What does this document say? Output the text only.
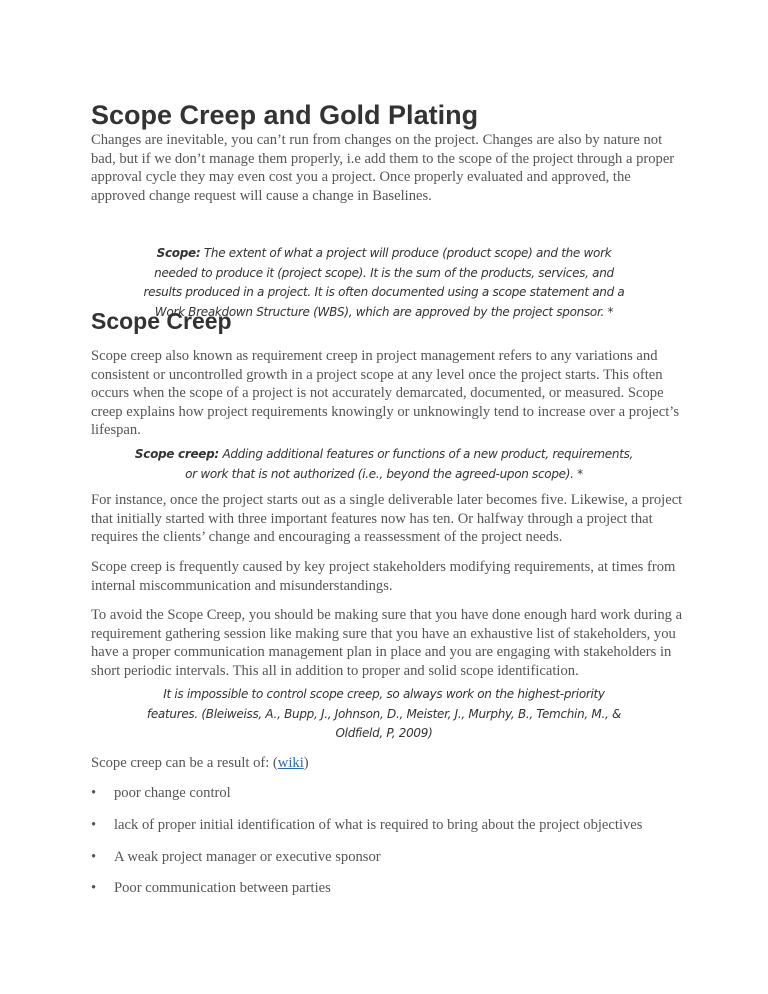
Scope Creep and Gold Plating
Changes are inevitable, you can’t run from changes on the project. Changes are also by nature not
bad, but if we don’t manage them properly, i.e add them to the scope of the project through a proper
approval cycle they may even cost you a project. Once properly evaluated and approved, the
approved change request will cause a change in Baselines.
Scope: The extent of what a project will produce (product scope) and the work
needed to produce it (project scope). It is the sum of the products, services, and
results produced in a project. It is often documented using a scope statement and a
Work Breakdown Structure (WBS), which are approved by the project sponsor. *
Scope Creep
Scope creep also known as requirement creep in project management refers to any variations and
consistent or uncontrolled growth in a project scope at any level once the project starts. This often
occurs when the scope of a project is not accurately demarcated, documented, or measured. Scope
creep explains how project requirements knowingly or unknowingly tend to increase over a project’s
lifespan.
Scope creep: Adding additional features or functions of a new product, requirements,
or work that is not authorized (i.e., beyond the agreed-upon scope). *
For instance, once the project starts out as a single deliverable later becomes five. Likewise, a project
that initially started with three important features now has ten. Or halfway through a project that
requires the clients’ change and encouraging a reassessment of the project needs.
Scope creep is frequently caused by key project stakeholders modifying requirements, at times from
internal miscommunication and misunderstandings.
To avoid the Scope Creep, you should be making sure that you have done enough hard work during a
requirement gathering session like making sure that you have an exhaustive list of stakeholders, you
have a proper communication management plan in place and you are engaging with stakeholders in
short periodic intervals. This all in addition to proper and solid scope identification.
It is impossible to control scope creep, so always work on the highest-priority
features. (Bleiweiss, A., Bupp, J., Johnson, D., Meister, J., Murphy, B., Temchin, M., &
Oldfield, P, 2009)
Scope creep can be a result of: (wiki)
• poor change control
• lack of proper initial identification of what is required to bring about the project objectives
• A weak project manager or executive sponsor
• Poor communication between parties
